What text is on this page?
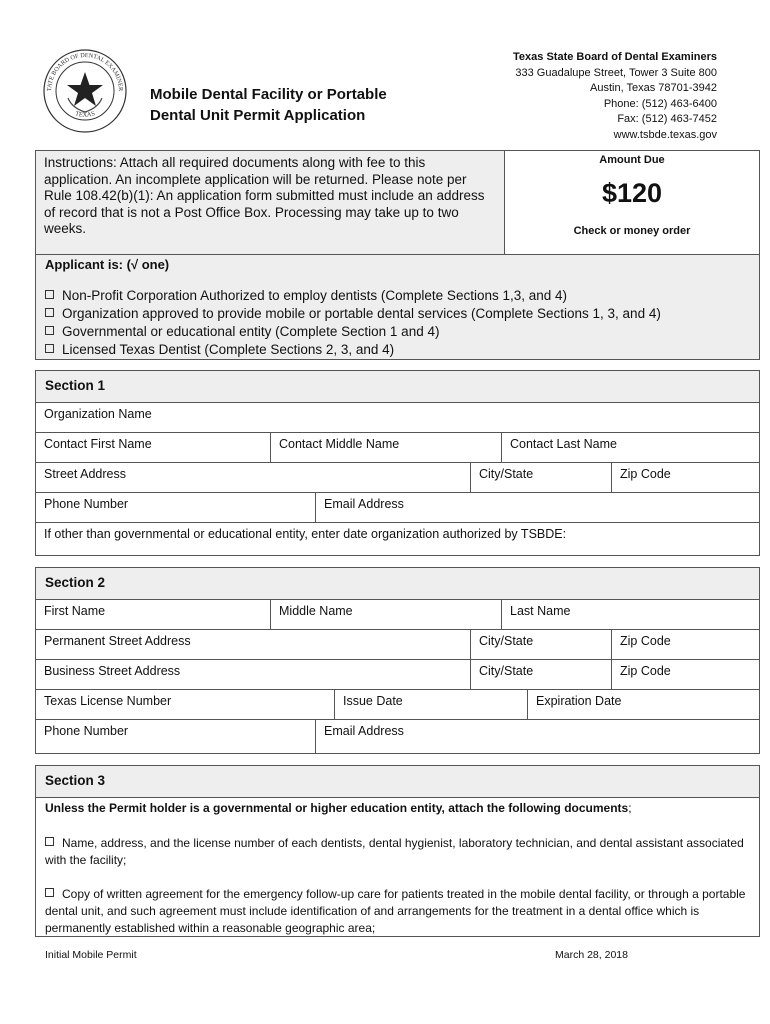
TATE BOARD OF DENTAL EXAMINER
TEXAS
Mobile Dental Facility or Portable
Dental Unit Permit Application
Texas State Board of Dental Examiners
333 Guadalupe Street, Tower 3 Suite 800
Austin, Texas 78701-3942
Phone: (512) 463-6400
Fax: (512) 463-7452
www.tsbde.texas.gov
Instructions: Attach all required documents along with fee to this application. An incomplete application will be returned. Please note per Rule 108.42(b)(1): An application form submitted must include an address of record that is not a Post Office Box. Processing may take up to two weeks.
Amount Due
$120
Check or money order
Applicant is: (√ one)
Non-Profit Corporation Authorized to employ dentists (Complete Sections 1,3, and 4)
Organization approved to provide mobile or portable dental services (Complete Sections 1, 3, and 4)
Governmental or educational entity (Complete Section 1 and 4)
Licensed Texas Dentist (Complete Sections 2, 3, and 4)
Section 1
Organization Name
Contact First Name	Contact Middle Name	Contact Last Name
Street Address	City/State	Zip Code
Phone Number	Email Address
If other than governmental or educational entity, enter date organization authorized by TSBDE:
Section 2
First Name	Middle Name	Last Name
Permanent Street Address	City/State	Zip Code
Business Street Address	City/State	Zip Code
Texas License Number	Issue Date	Expiration Date
Phone Number	Email Address
Section 3
Unless the Permit holder is a governmental or higher education entity, attach the following documents;
Name, address, and the license number of each dentists, dental hygienist, laboratory technician, and dental assistant associated with the facility;
Copy of written agreement for the emergency follow-up care for patients treated in the mobile dental facility, or through a portable dental unit, and such agreement must include identification of and arrangements for the treatment in a dental office which is permanently established within a reasonable geographic area;
Initial Mobile Permit	March 28, 2018
